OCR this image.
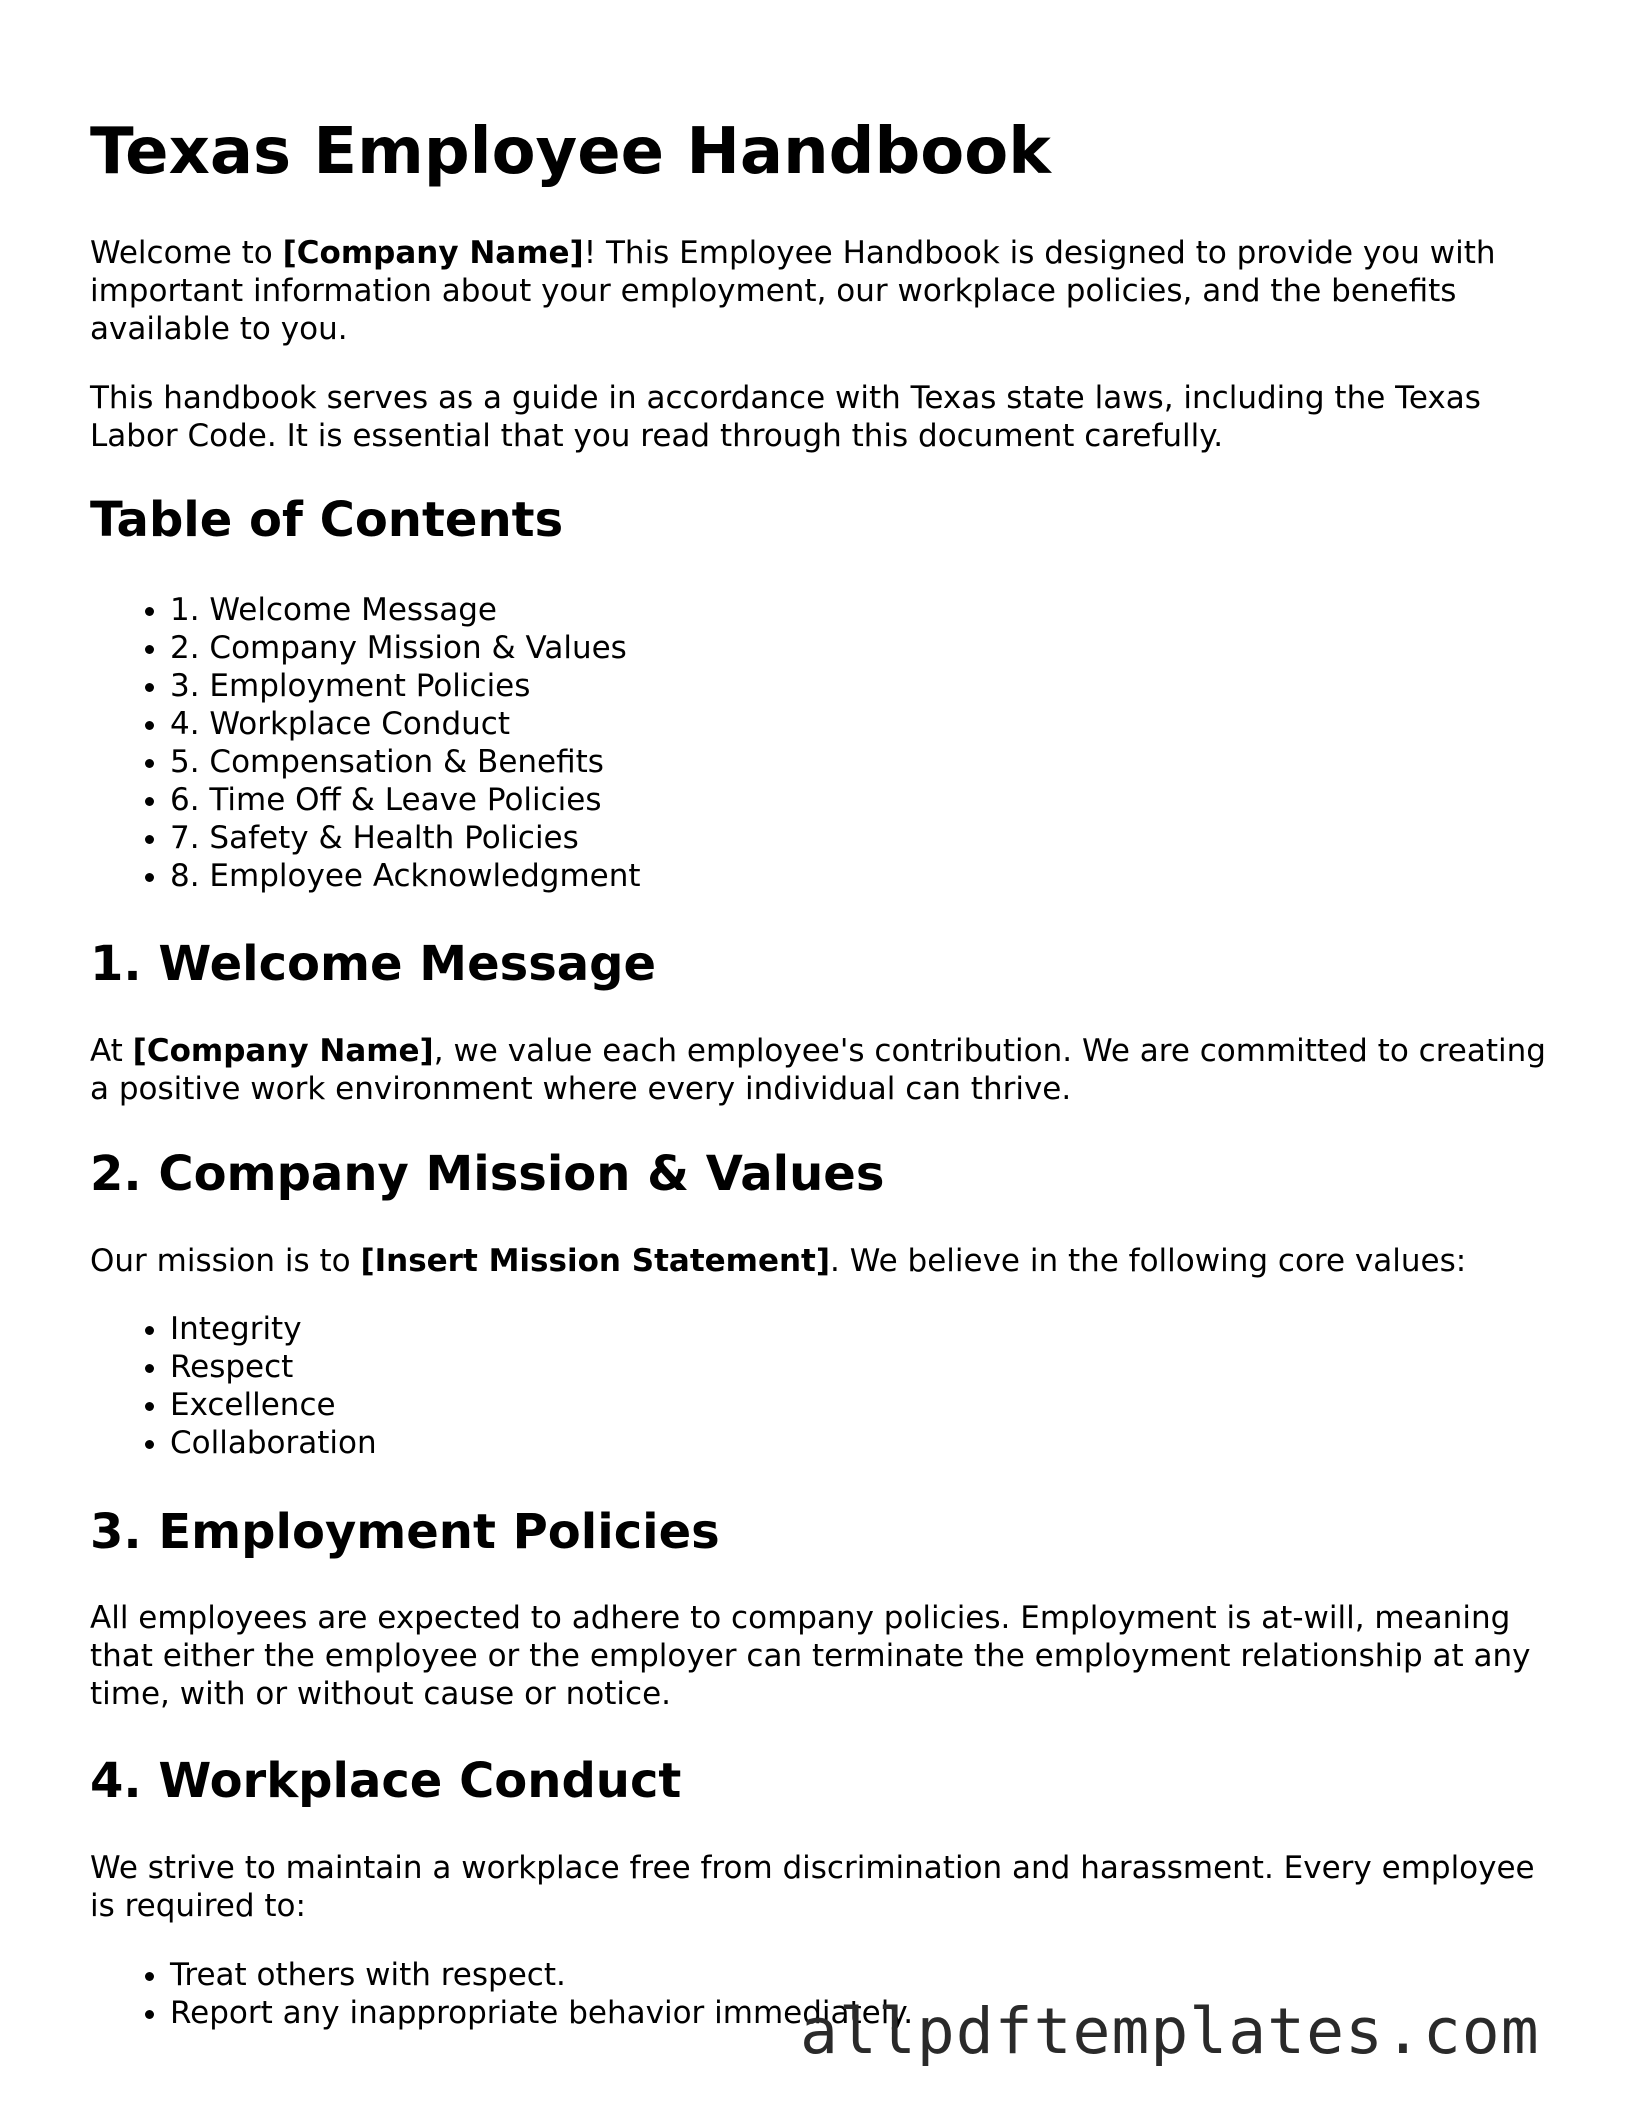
Texas Employee Handbook

Welcome to [Company Name]! This Employee Handbook is designed to provide you with important information about your employment, our workplace policies, and the benefits available to you.

This handbook serves as a guide in accordance with Texas state laws, including the Texas Labor Code. It is essential that you read through this document carefully.

Table of Contents
• 1. Welcome Message
• 2. Company Mission & Values
• 3. Employment Policies
• 4. Workplace Conduct
• 5. Compensation & Benefits
• 6. Time Off & Leave Policies
• 7. Safety & Health Policies
• 8. Employee Acknowledgment
1. Welcome Message

At [Company Name], we value each employee's contribution. We are committed to creating a positive work environment where every individual can thrive.

2. Company Mission & Values

Our mission is to [Insert Mission Statement]. We believe in the following core values:

• Integrity
• Respect
• Excellence
• Collaboration
3. Employment Policies

All employees are expected to adhere to company policies. Employment is at-will, meaning that either the employee or the employer can terminate the employment relationship at any time, with or without cause or notice.

4. Workplace Conduct

We strive to maintain a workplace free from discrimination and harassment. Every employee is required to:

• Treat others with respect.
• Report any inappropriate behavior immediately.
allpdftemplates.com
